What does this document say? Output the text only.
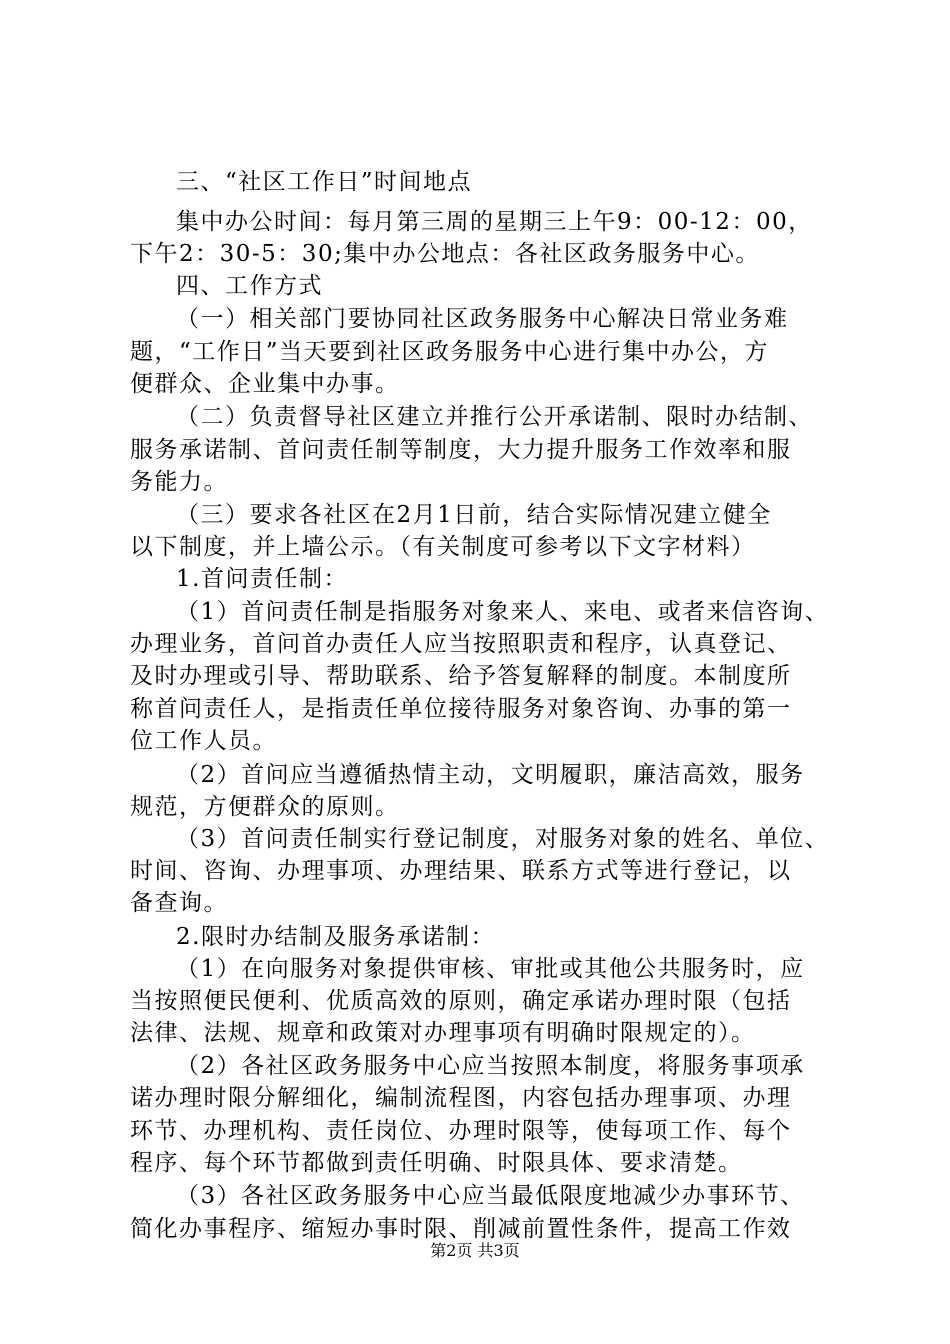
三、“社区工作日”时间地点
集中办公时间：每月第三周的星期三上午9：00-12：00，
下午2：30-5：30;集中办公地点：各社区政务服务中心。
四、工作方式
（一）相关部门要协同社区政务服务中心解决日常业务难
题，“工作日”当天要到社区政务服务中心进行集中办公，方
便群众、企业集中办事。
（二）负责督导社区建立并推行公开承诺制、限时办结制、
服务承诺制、首问责任制等制度，大力提升服务工作效率和服
务能力。
（三）要求各社区在2月1日前，结合实际情况建立健全
以下制度，并上墙公示。（有关制度可参考以下文字材料）
1.首问责任制：
（1）首问责任制是指服务对象来人、来电、或者来信咨询、
办理业务，首问首办责任人应当按照职责和程序，认真登记、
及时办理或引导、帮助联系、给予答复解释的制度。本制度所
称首问责任人，是指责任单位接待服务对象咨询、办事的第一
位工作人员。
（2）首问应当遵循热情主动，文明履职，廉洁高效，服务
规范，方便群众的原则。
（3）首问责任制实行登记制度，对服务对象的姓名、单位、
时间、咨询、办理事项、办理结果、联系方式等进行登记，以
备查询。
2.限时办结制及服务承诺制：
（1）在向服务对象提供审核、审批或其他公共服务时，应
当按照便民便利、优质高效的原则，确定承诺办理时限（包括
法律、法规、规章和政策对办理事项有明确时限规定的）。
（2）各社区政务服务中心应当按照本制度，将服务事项承
诺办理时限分解细化，编制流程图，内容包括办理事项、办理
环节、办理机构、责任岗位、办理时限等，使每项工作、每个
程序、每个环节都做到责任明确、时限具体、要求清楚。
（3）各社区政务服务中心应当最低限度地减少办事环节、
简化办事程序、缩短办事时限、削减前置性条件，提高工作效
第2页 共3页
